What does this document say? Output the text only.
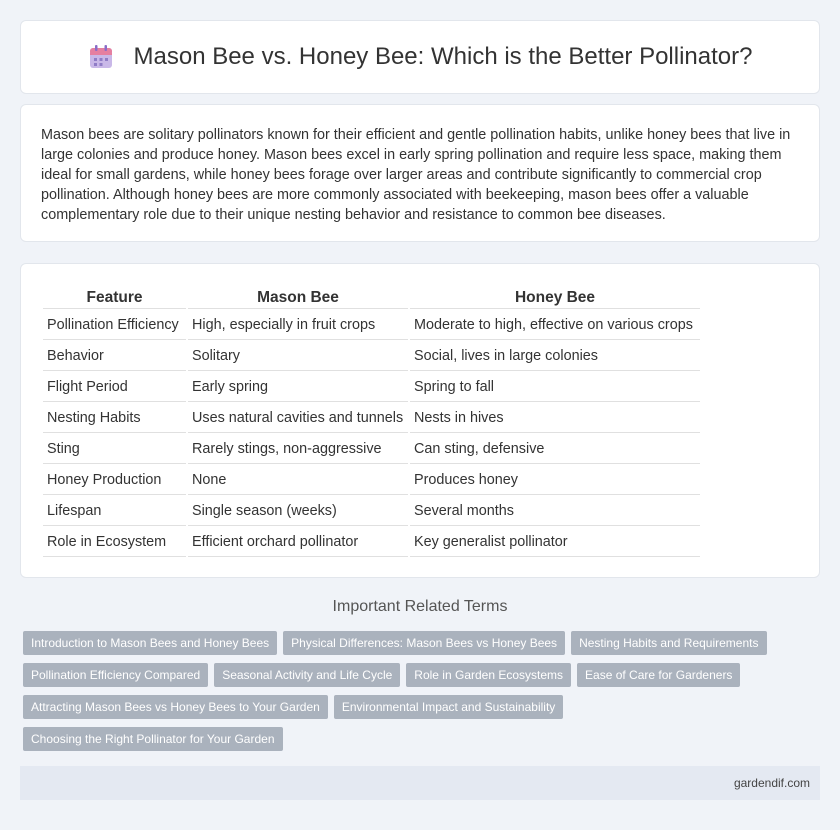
Mason Bee vs. Honey Bee: Which is the Better Pollinator?

Mason bees are solitary pollinators known for their efficient and gentle pollination habits, unlike honey bees that live in large colonies and produce honey. Mason bees excel in early spring pollination and require less space, making them ideal for small gardens, while honey bees forage over larger areas and contribute significantly to commercial crop pollination. Although honey bees are more commonly associated with beekeeping, mason bees offer a valuable complementary role due to their unique nesting behavior and resistance to common bee diseases.

Feature	Mason Bee	Honey Bee
Pollination Efficiency	High, especially in fruit crops	Moderate to high, effective on various crops
Behavior	Solitary	Social, lives in large colonies
Flight Period	Early spring	Spring to fall
Nesting Habits	Uses natural cavities and tunnels	Nests in hives
Sting	Rarely stings, non-aggressive	Can sting, defensive
Honey Production	None	Produces honey
Lifespan	Single season (weeks)	Several months
Role in Ecosystem	Efficient orchard pollinator	Key generalist pollinator
Important Related Terms
Introduction to Mason Bees and Honey Bees	Physical Differences: Mason Bees vs Honey Bees	Nesting Habits and Requirements
Pollination Efficiency Compared	Seasonal Activity and Life Cycle	Role in Garden Ecosystems	Ease of Care for Gardeners
Attracting Mason Bees vs Honey Bees to Your Garden	Environmental Impact and Sustainability
Choosing the Right Pollinator for Your Garden
gardendif.com
